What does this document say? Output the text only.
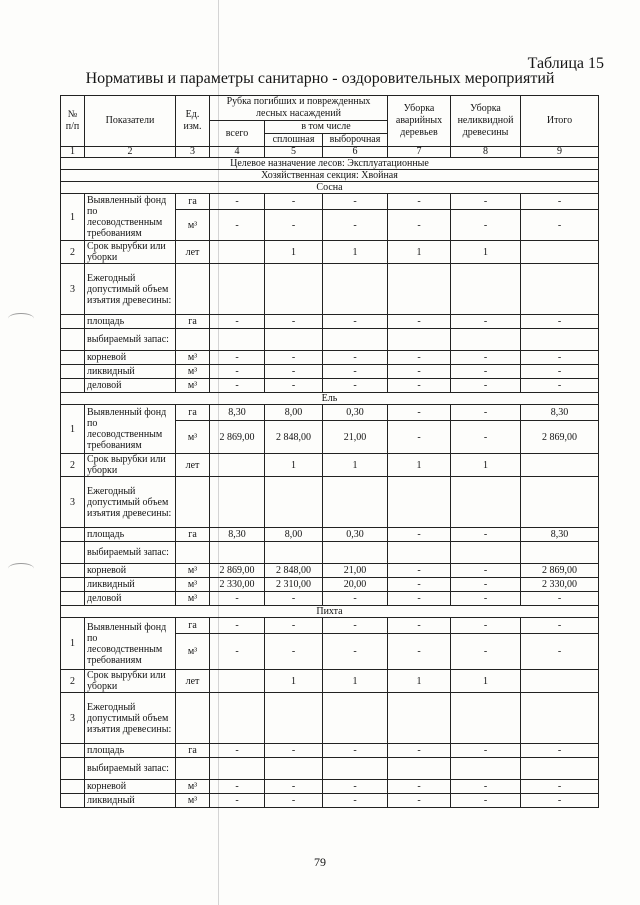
Таблица 15
Нормативы и параметры санитарно - оздоровительных мероприятий
№ п/п	Показатели	Ед. изм.	Рубка погибших и поврежденных лесных насаждений			Уборка аварийных деревьев	Уборка неликвидной древесины	Итого
			всего	в том числе				
				сплошная	выборочная			
1	2	3	4	5	6	7	8	9
Целевое назначение лесов: Эксплуатационные								
Хозяйственная секция: Хвойная								
Сосна								
1	Выявленный фонд по лесоводственным требованиям	га	-	-	-	-	-	-
		м³	-	-	-	-	-	-
2	Срок вырубки или уборки	лет		1	1	1	1	
3	Ежегодный допустимый объем изъятия древесины:							
	площадь	га	-	-	-	-	-	-
	выбираемый запас:							
	корневой	м³	-	-	-	-	-	-
	ликвидный	м³	-	-	-	-	-	-
	деловой	м³	-	-	-	-	-	-
Ель								
1	Выявленный фонд по лесоводственным требованиям	га	8,30	8,00	0,30	-	-	8,30
		м³	2 869,00	2 848,00	21,00	-	-	2 869,00
2	Срок вырубки или уборки	лет		1	1	1	1	
3	Ежегодный допустимый объем изъятия древесины:							
	площадь	га	8,30	8,00	0,30	-	-	8,30
	выбираемый запас:							
	корневой	м³	2 869,00	2 848,00	21,00	-	-	2 869,00
	ликвидный	м³	2 330,00	2 310,00	20,00	-	-	2 330,00
	деловой	м³	-	-	-	-	-	-
Пихта								
1	Выявленный фонд по лесоводственным требованиям	га	-	-	-	-	-	-
		м³	-	-	-	-	-	-
2	Срок вырубки или уборки	лет		1	1	1	1	
3	Ежегодный допустимый объем изъятия древесины:							
	площадь	га	-	-	-	-	-	-
	выбираемый запас:							
	корневой	м³	-	-	-	-	-	-
	ликвидный	м³	-	-	-	-	-	-
79
